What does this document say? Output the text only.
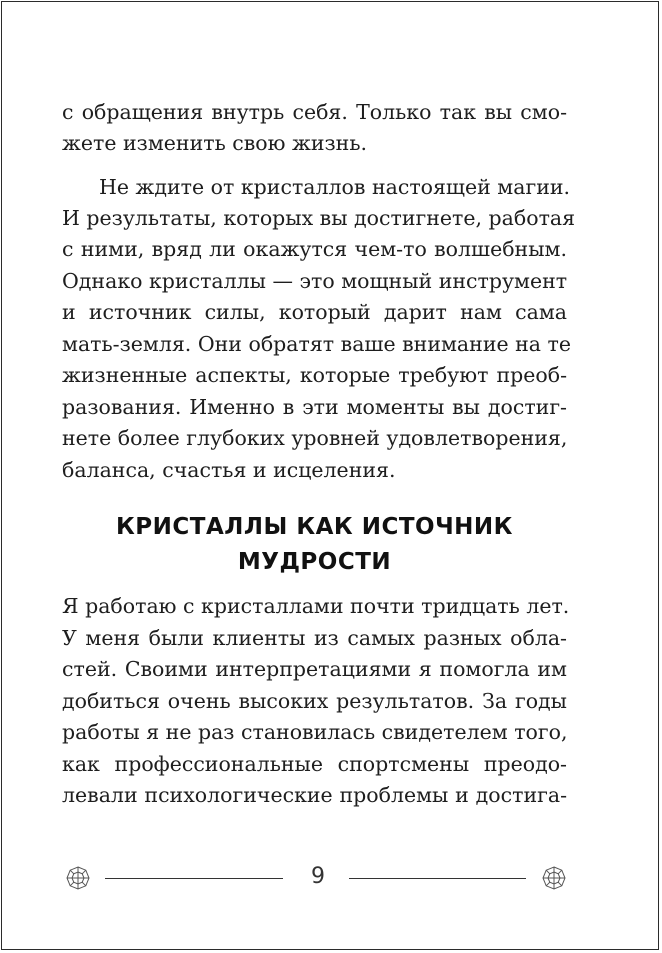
с обращения внутрь себя. Только так вы смо-

жете изменить свою жизнь.

Не ждите от кристаллов настоящей магии.

И результаты, которых вы достигнете, работая

с ними, вряд ли окажутся чем-то волшебным.

Однако кристаллы — это мощный инструмент

и источник силы, который дарит нам сама

мать-земля. Они обратят ваше внимание на те

жизненные аспекты, которые требуют преоб-

разования. Именно в эти моменты вы достиг-

нете более глубоких уровней удовлетворения,

баланса, счастья и исцеления.

КРИСТАЛЛЫ КАК ИСТОЧНИК
МУДРОСТИ

Я работаю с кристаллами почти тридцать лет.

У меня были клиенты из самых разных обла-

стей. Своими интерпретациями я помогла им

добиться очень высоких результатов. За годы

работы я не раз становилась свидетелем того,

как профессиональные спортсмены преодо-

левали психологические проблемы и достига-

9
